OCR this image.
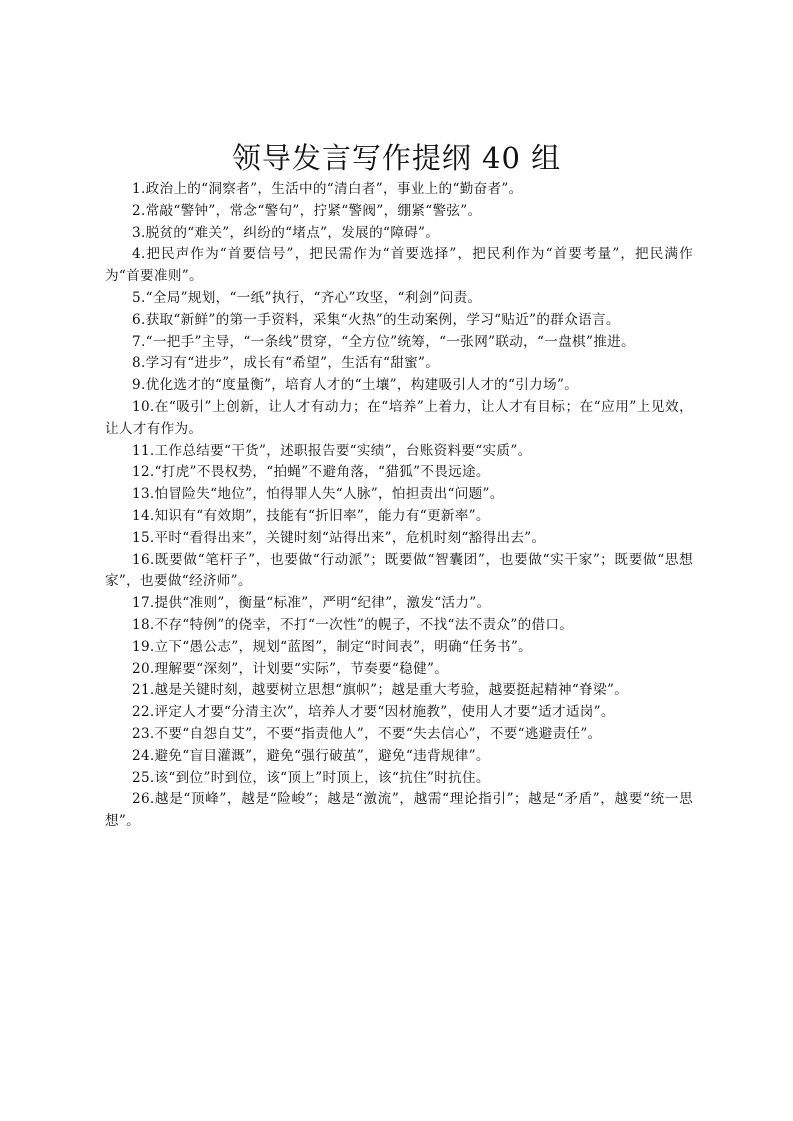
领导发言写作提纲 40 组

1.政治上的“洞察者”，生活中的“清白者”，事业上的“勤奋者”。

2.常敲“警钟”，常念“警句”，拧紧“警阀”，绷紧“警弦”。

3.脱贫的“难关”，纠纷的“堵点”，发展的“障碍”。

4.把民声作为“首要信号”，把民需作为“首要选择”，把民利作为“首要考量”，把民满作为“首要准则”。

5.“全局”规划，“一纸”执行，“齐心”攻坚，“利剑”问责。

6.获取“新鲜”的第一手资料，采集“火热”的生动案例，学习“贴近”的群众语言。

7.“一把手”主导，“一条线”贯穿，“全方位”统筹，“一张网”联动，“一盘棋”推进。

8.学习有“进步”，成长有“希望”，生活有“甜蜜”。

9.优化选才的“度量衡”，培育人才的“土壤”，构建吸引人才的“引力场”。

10.在“吸引”上创新，让人才有动力；在“培养”上着力，让人才有目标；在“应用”上见效，让人才有作为。

11.工作总结要“干货”，述职报告要“实绩”，台账资料要“实质”。

12.“打虎”不畏权势，“拍蝇”不避角落，“猎狐”不畏远途。

13.怕冒险失“地位”，怕得罪人失“人脉”，怕担责出“问题”。

14.知识有“有效期”，技能有“折旧率”，能力有“更新率”。

15.平时“看得出来”，关键时刻“站得出来”，危机时刻“豁得出去”。

16.既要做“笔杆子”，也要做“行动派”；既要做“智囊团”，也要做“实干家”；既要做“思想家”，也要做“经济师”。

17.提供“准则”，衡量“标准”，严明“纪律”，激发“活力”。

18.不存“特例”的侥幸，不打“一次性”的幌子，不找“法不责众”的借口。

19.立下“愚公志”，规划“蓝图”，制定“时间表”，明确“任务书”。

20.理解要“深刻”，计划要“实际”，节奏要“稳健”。

21.越是关键时刻，越要树立思想“旗帜”；越是重大考验，越要挺起精神“脊梁”。

22.评定人才要“分清主次”，培养人才要“因材施教”，使用人才要“适才适岗”。

23.不要“自怨自艾”，不要“指责他人”，不要“失去信心”，不要“逃避责任”。

24.避免“盲目灌溉”，避免“强行破茧”，避免“违背规律”。

25.该“到位”时到位，该“顶上”时顶上，该“抗住”时抗住。

26.越是“顶峰”，越是“险峻”；越是“激流”，越需“理论指引”；越是“矛盾”，越要“统一思想”。
